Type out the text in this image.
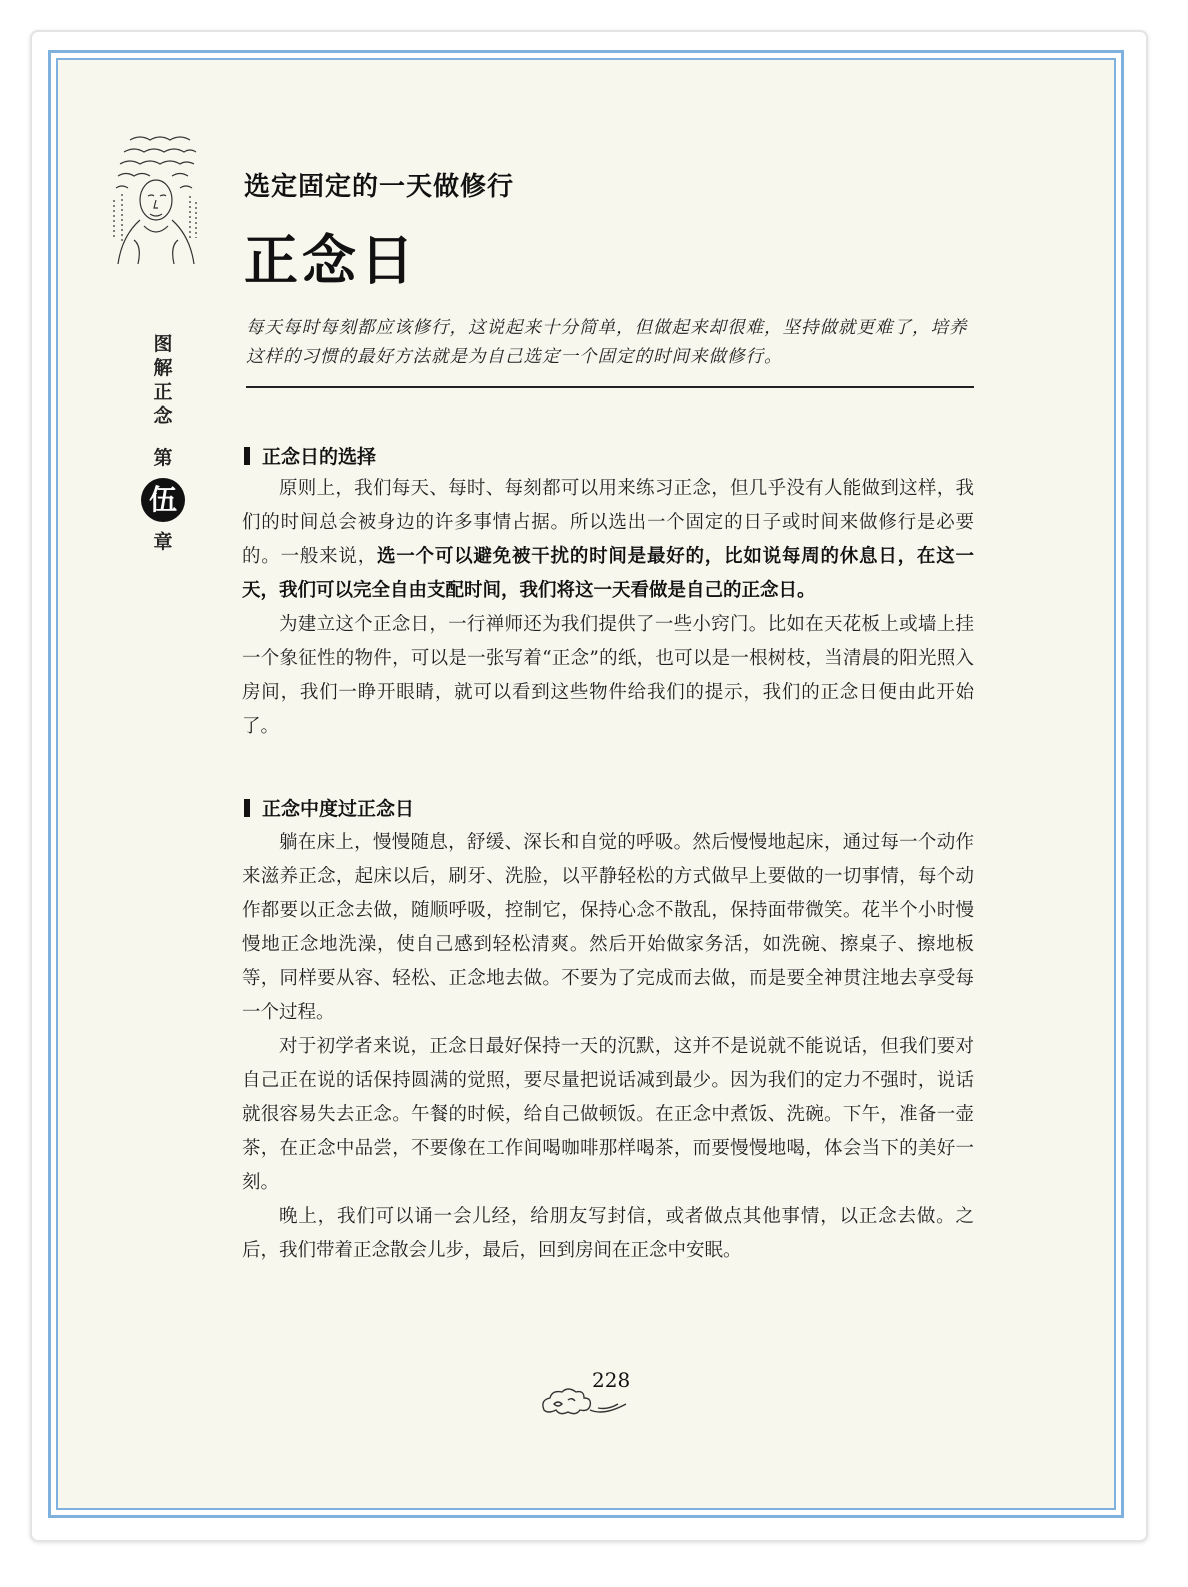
选定固定的一天做修行
正念日
图
解
正
念
第
伍
章
每天每时每刻都应该修行，这说起来十分简单，但做起来却很难，坚持做就更难了，培养这样的习惯的最好方法就是为自己选定一个固定的时间来做修行。
正念日的选择

原则上，我们每天、每时、每刻都可以用来练习正念，但几乎没有人能做到这样，我们的时间总会被身边的许多事情占据。所以选出一个固定的日子或时间来做修行是必要的。一般来说，选一个可以避免被干扰的时间是最好的，比如说每周的休息日，在这一天，我们可以完全自由支配时间，我们将这一天看做是自己的正念日。

为建立这个正念日，一行禅师还为我们提供了一些小窍门。比如在天花板上或墙上挂一个象征性的物件，可以是一张写着“正念”的纸，也可以是一根树枝，当清晨的阳光照入房间，我们一睁开眼睛，就可以看到这些物件给我们的提示，我们的正念日便由此开始了。

正念中度过正念日

躺在床上，慢慢随息，舒缓、深长和自觉的呼吸。然后慢慢地起床，通过每一个动作来滋养正念，起床以后，刷牙、洗脸，以平静轻松的方式做早上要做的一切事情，每个动作都要以正念去做，随顺呼吸，控制它，保持心念不散乱，保持面带微笑。花半个小时慢慢地正念地洗澡，使自己感到轻松清爽。然后开始做家务活，如洗碗、擦桌子、擦地板等，同样要从容、轻松、正念地去做。不要为了完成而去做，而是要全神贯注地去享受每一个过程。

对于初学者来说，正念日最好保持一天的沉默，这并不是说就不能说话，但我们要对自己正在说的话保持圆满的觉照，要尽量把说话减到最少。因为我们的定力不强时，说话就很容易失去正念。午餐的时候，给自己做顿饭。在正念中煮饭、洗碗。下午，准备一壶茶，在正念中品尝，不要像在工作间喝咖啡那样喝茶，而要慢慢地喝，体会当下的美好一刻。

晚上，我们可以诵一会儿经，给朋友写封信，或者做点其他事情，以正念去做。之后，我们带着正念散会儿步，最后，回到房间在正念中安眠。

228
